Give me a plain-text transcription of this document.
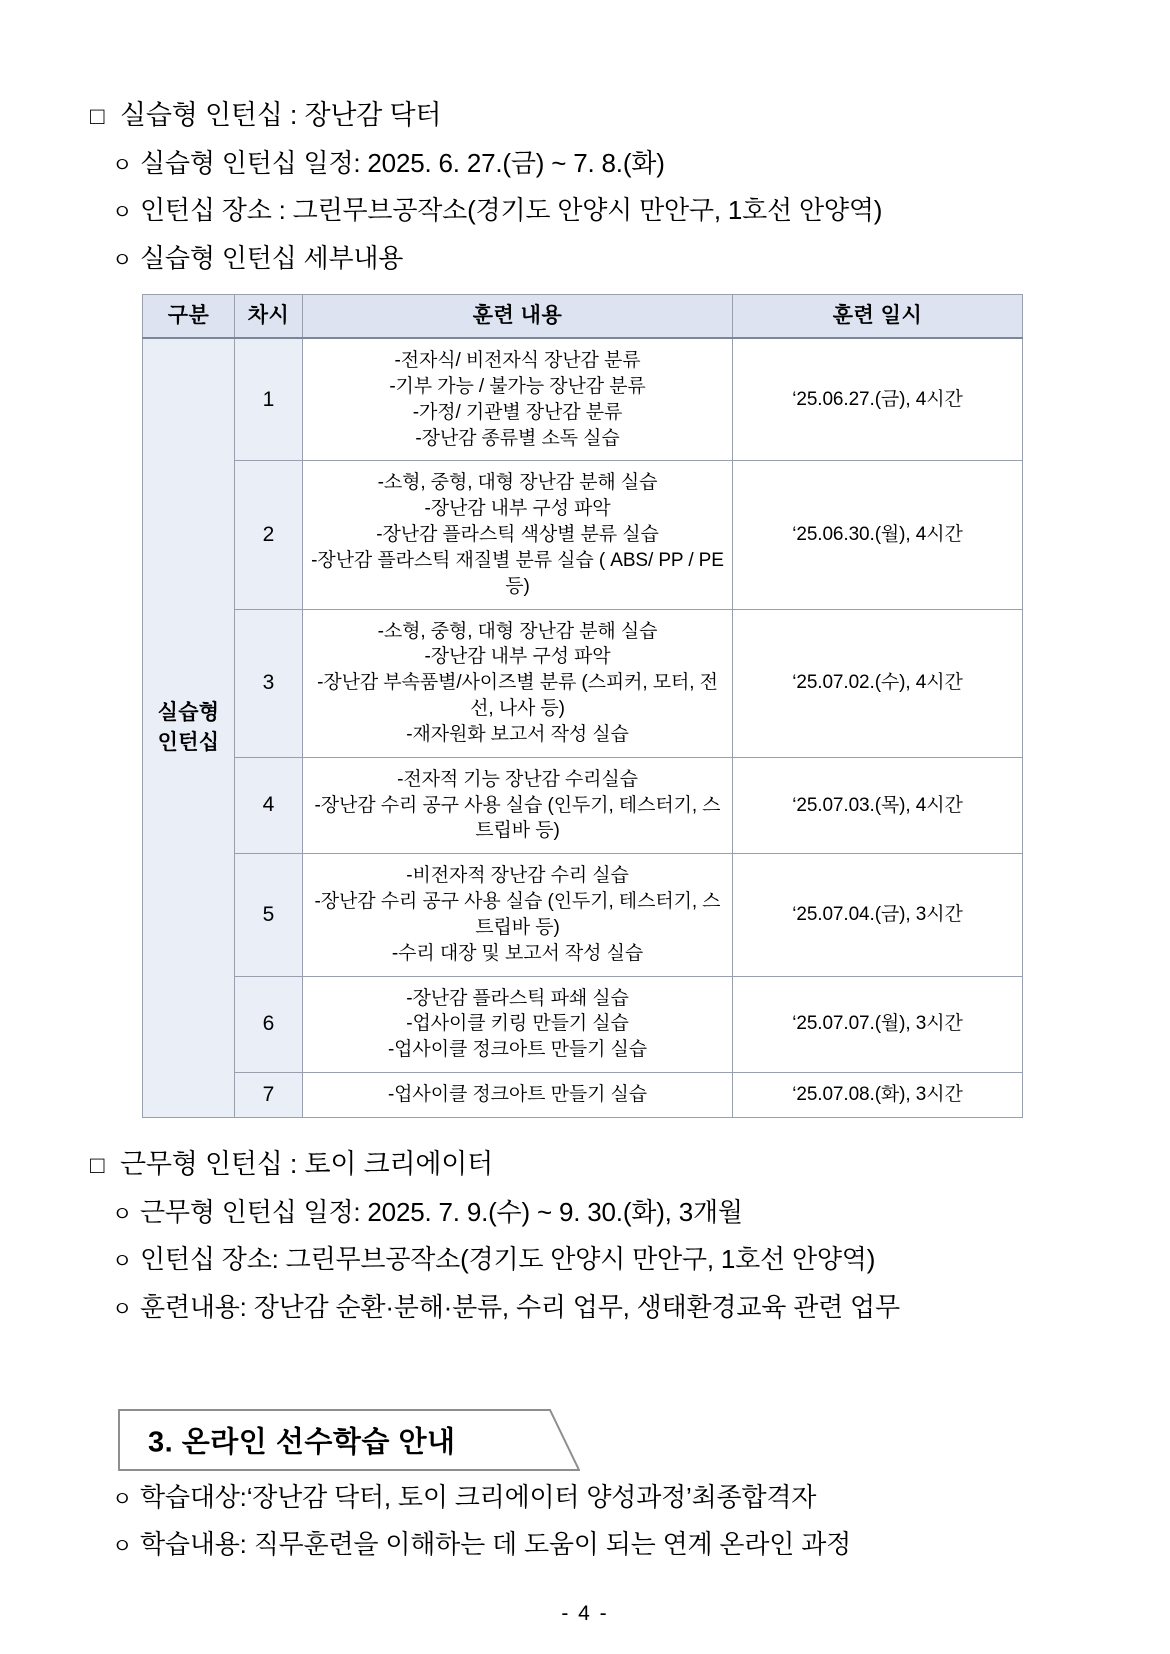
□ 실습형 인턴십 : 장난감 닥터
ㅇ 실습형 인턴십 일정: 2025. 6. 27.(금) ~ 7. 8.(화)
ㅇ 인턴십 장소 : 그린무브공작소(경기도 안양시 만안구, 1호선 안양역)
ㅇ 실습형 인턴십 세부내용
구분	차시	훈련 내용	훈련 일시
실습형
인턴십	1	-전자식/ 비전자식 장난감 분류
-기부 가능 / 불가능 장난감 분류
-가정/ 기관별 장난감 분류
-장난감 종류별 소독 실습	‘25.06.27.(금), 4시간
	2	-소형, 중형, 대형 장난감 분해 실습
-장난감 내부 구성 파악
-장난감 플라스틱 색상별 분류 실습
-장난감 플라스틱 재질별 분류 실습 ( ABS/ PP / PE 등)	‘25.06.30.(월), 4시간
	3	-소형, 중형, 대형 장난감 분해 실습
-장난감 내부 구성 파악
-장난감 부속품별/사이즈별 분류 (스피커, 모터, 전선, 나사 등)
-재자원화 보고서 작성 실습	‘25.07.02.(수), 4시간
	4	-전자적 기능 장난감 수리실습
-장난감 수리 공구 사용 실습 (인두기, 테스터기, 스트립바 등)	‘25.07.03.(목), 4시간
	5	-비전자적 장난감 수리 실습
-장난감 수리 공구 사용 실습 (인두기, 테스터기, 스트립바 등)
-수리 대장 및 보고서 작성 실습	‘25.07.04.(금), 3시간
	6	-장난감 플라스틱 파쇄 실습
-업사이클 키링 만들기 실습
-업사이클 정크아트 만들기 실습	‘25.07.07.(월), 3시간
	7	-업사이클 정크아트 만들기 실습	‘25.07.08.(화), 3시간
□ 근무형 인턴십 : 토이 크리에이터
ㅇ 근무형 인턴십 일정: 2025. 7. 9.(수) ~ 9. 30.(화), 3개월
ㅇ 인턴십 장소: 그린무브공작소(경기도 안양시 만안구, 1호선 안양역)
ㅇ 훈련내용: 장난감 순환·분해·분류, 수리 업무, 생태환경교육 관련 업무
3. 온라인 선수학습 안내
ㅇ 학습대상:‘장난감 닥터, 토이 크리에이터 양성과정’최종합격자
ㅇ 학습내용: 직무훈련을 이해하는 데 도움이 되는 연계 온라인 과정
- 4 -
